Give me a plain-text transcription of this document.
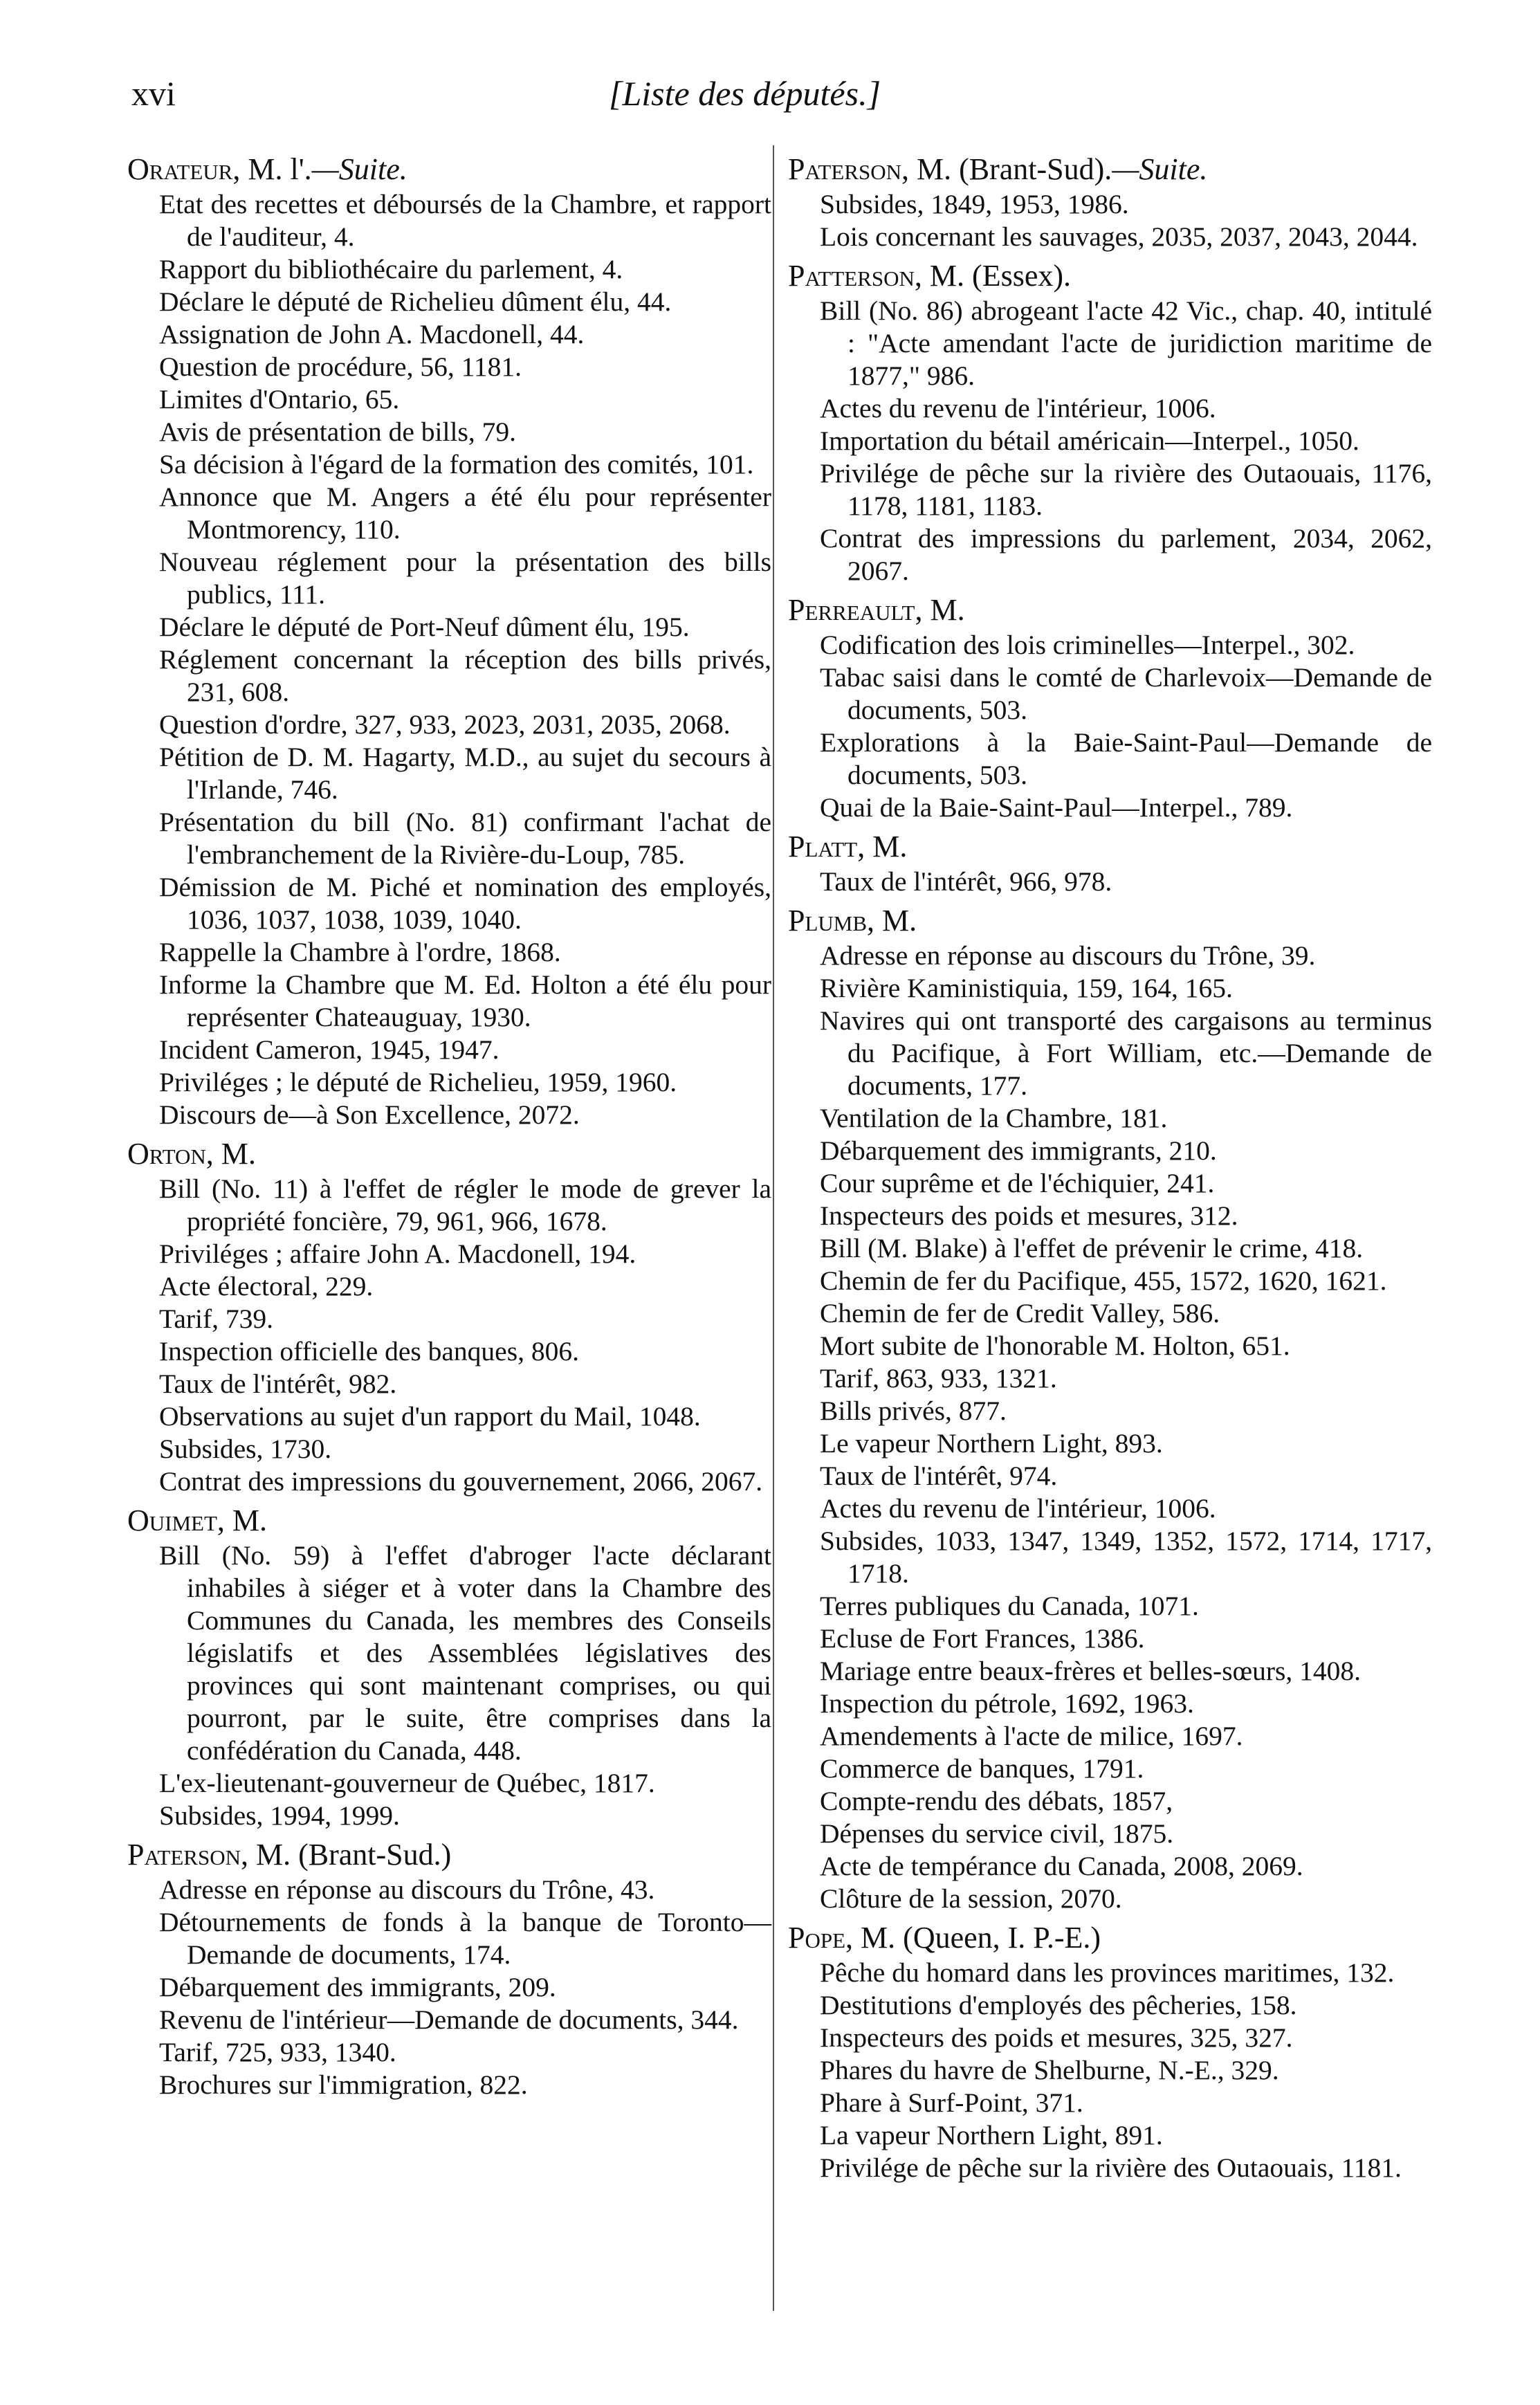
xvi	[Liste des députés.]
Orateur, M. l'.—Suite.
Etat des recettes et déboursés de la Chambre, et rapport de l'auditeur, 4.
Rapport du bibliothécaire du parlement, 4.
Déclare le député de Richelieu dûment élu, 44.
Assignation de John A. Macdonell, 44.
Question de procédure, 56, 1181.
Limites d'Ontario, 65.
Avis de présentation de bills, 79.
Sa décision à l'égard de la formation des comités, 101.
Annonce que M. Angers a été élu pour représenter Montmorency, 110.
Nouveau réglement pour la présentation des bills publics, 111.
Déclare le député de Port-Neuf dûment élu, 195.
Réglement concernant la réception des bills privés, 231, 608.
Question d'ordre, 327, 933, 2023, 2031, 2035, 2068.
Pétition de D. M. Hagarty, M.D., au sujet du secours à l'Irlande, 746.
Présentation du bill (No. 81) confirmant l'achat de l'embranchement de la Rivière-du-Loup, 785.
Démission de M. Piché et nomination des employés, 1036, 1037, 1038, 1039, 1040.
Rappelle la Chambre à l'ordre, 1868.
Informe la Chambre que M. Ed. Holton a été élu pour représenter Chateauguay, 1930.
Incident Cameron, 1945, 1947.
Priviléges ; le député de Richelieu, 1959, 1960.
Discours de—à Son Excellence, 2072.
Orton, M.
Bill (No. 11) à l'effet de régler le mode de grever la propriété foncière, 79, 961, 966, 1678.
Priviléges ; affaire John A. Macdonell, 194.
Acte électoral, 229.
Tarif, 739.
Inspection officielle des banques, 806.
Taux de l'intérêt, 982.
Observations au sujet d'un rapport du Mail, 1048.
Subsides, 1730.
Contrat des impressions du gouvernement, 2066, 2067.
Ouimet, M.
Bill (No. 59) à l'effet d'abroger l'acte déclarant inhabiles à siéger et à voter dans la Chambre des Communes du Canada, les membres des Conseils législatifs et des Assemblées législatives des provinces qui sont maintenant comprises, ou qui pourront, par le suite, être comprises dans la confédération du Canada, 448.
L'ex-lieutenant-gouverneur de Québec, 1817.
Subsides, 1994, 1999.
Paterson, M. (Brant-Sud.)
Adresse en réponse au discours du Trône, 43.
Détournements de fonds à la banque de Toronto—Demande de documents, 174.
Débarquement des immigrants, 209.
Revenu de l'intérieur—Demande de documents, 344.
Tarif, 725, 933, 1340.
Brochures sur l'immigration, 822.
Paterson, M. (Brant-Sud).—Suite.
Subsides, 1849, 1953, 1986.
Lois concernant les sauvages, 2035, 2037, 2043, 2044.
Patterson, M. (Essex).
Bill (No. 86) abrogeant l'acte 42 Vic., chap. 40, intitulé : "Acte amendant l'acte de juridiction maritime de 1877," 986.
Actes du revenu de l'intérieur, 1006.
Importation du bétail américain—Interpel., 1050.
Privilége de pêche sur la rivière des Outaouais, 1176, 1178, 1181, 1183.
Contrat des impressions du parlement, 2034, 2062, 2067.
Perreault, M.
Codification des lois criminelles—Interpel., 302.
Tabac saisi dans le comté de Charlevoix—Demande de documents, 503.
Explorations à la Baie-Saint-Paul—Demande de documents, 503.
Quai de la Baie-Saint-Paul—Interpel., 789.
Platt, M.
Taux de l'intérêt, 966, 978.
Plumb, M.
Adresse en réponse au discours du Trône, 39.
Rivière Kaministiquia, 159, 164, 165.
Navires qui ont transporté des cargaisons au terminus du Pacifique, à Fort William, etc.—Demande de documents, 177.
Ventilation de la Chambre, 181.
Débarquement des immigrants, 210.
Cour suprême et de l'échiquier, 241.
Inspecteurs des poids et mesures, 312.
Bill (M. Blake) à l'effet de prévenir le crime, 418.
Chemin de fer du Pacifique, 455, 1572, 1620, 1621.
Chemin de fer de Credit Valley, 586.
Mort subite de l'honorable M. Holton, 651.
Tarif, 863, 933, 1321.
Bills privés, 877.
Le vapeur Northern Light, 893.
Taux de l'intérêt, 974.
Actes du revenu de l'intérieur, 1006.
Subsides, 1033, 1347, 1349, 1352, 1572, 1714, 1717, 1718.
Terres publiques du Canada, 1071.
Ecluse de Fort Frances, 1386.
Mariage entre beaux-frères et belles-sœurs, 1408.
Inspection du pétrole, 1692, 1963.
Amendements à l'acte de milice, 1697.
Commerce de banques, 1791.
Compte-rendu des débats, 1857,
Dépenses du service civil, 1875.
Acte de tempérance du Canada, 2008, 2069.
Clôture de la session, 2070.
Pope, M. (Queen, I. P.-E.)
Pêche du homard dans les provinces maritimes, 132.
Destitutions d'employés des pêcheries, 158.
Inspecteurs des poids et mesures, 325, 327.
Phares du havre de Shelburne, N.-E., 329.
Phare à Surf-Point, 371.
La vapeur Northern Light, 891.
Privilége de pêche sur la rivière des Outaouais, 1181.
